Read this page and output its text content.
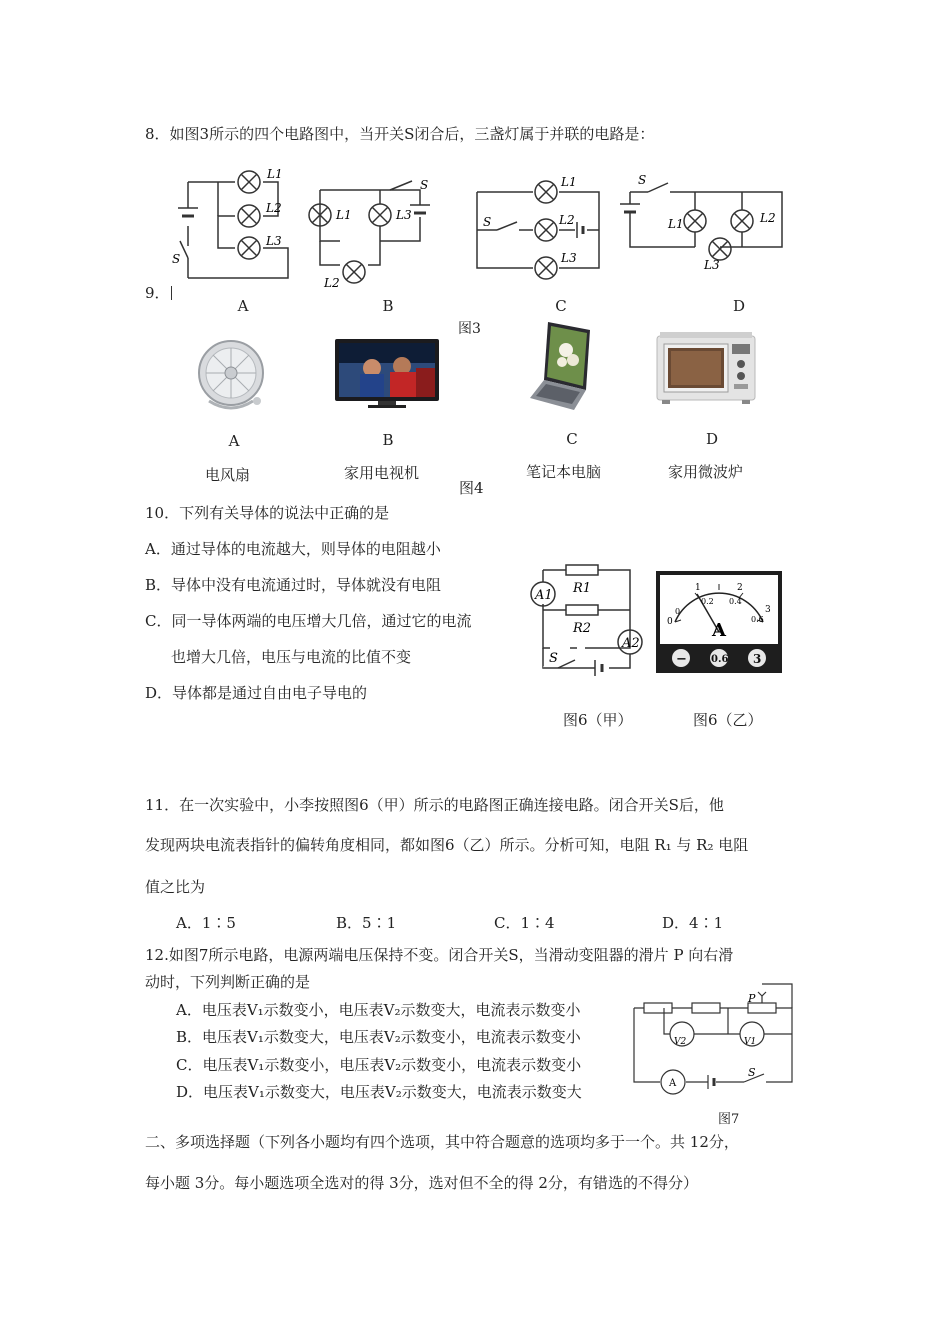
8．如图3所示的四个电路图中，当开关S闭合后，三盏灯属于并联的电路是：
L1
L2
L3
S
S
L1	L3
L2
L1
S	L2
L3
S
L1	L2
L3
9．
A	B	C	D
图3
A	B	C	D
电风扇	家用电视机	笔记本电脑	家用微波炉
图4
10．下列有关导体的说法中正确的是
A．通过导体的电流越大，则导体的电阻越小
B．导体中没有电流通过时，导体就没有电阻
C．同一导体两端的电压增大几倍，通过它的电流
也增大几倍，电压与电流的比值不变
D．导体都是通过自由电子导电的
A1
A2
R1
R2
S
0
1	2
3
0
0.2 0.4
0.6
A
− 0.6 3
图6（甲）	图6（乙）
11．在一次实验中，小李按照图6（甲）所示的电路图正确连接电路。闭合开关S后，他
发现两块电流表指针的偏转角度相同，都如图6（乙）所示。分析可知，电阻 R₁ 与 R₂ 电阻
值之比为
A．1∶5	B．5∶1	C．1∶4	D．4∶1
12.如图7所示电路，电源两端电压保持不变。闭合开关S，当滑动变阻器的滑片 P 向右滑
动时，下列判断正确的是
A．电压表V₁示数变小，电压表V₂示数变大，电流表示数变小
B．电压表V₁示数变大，电压表V₂示数变小，电流表示数变小
C．电压表V₁示数变小，电压表V₂示数变小，电流表示数变小
D．电压表V₁示数变大，电压表V₂示数变大，电流表示数变大
P
V2	V1
A
S
图7
二、多项选择题（下列各小题均有四个选项，其中符合题意的选项均多于一个。共 12分，
每小题 3分。每小题选项全选对的得 3分，选对但不全的得 2分，有错选的不得分）
